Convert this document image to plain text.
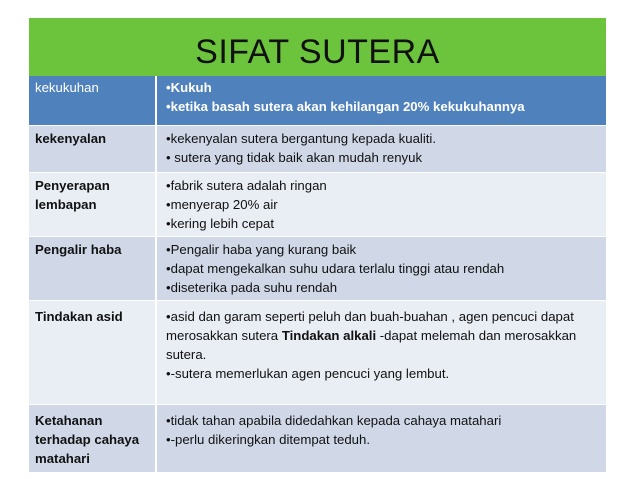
SIFAT SUTERA
kekukuhan	•Kukuh
•ketika basah sutera akan kehilangan 20% kekukuhannya

kekenyalan	•kekenyalan sutera bergantung kepada kualiti.
• sutera yang tidak baik akan mudah renyuk

Penyerapan lembapan	•fabrik sutera adalah ringan
•menyerap 20% air
•kering lebih cepat

Pengalir haba	•Pengalir haba yang kurang baik
•dapat mengekalkan suhu udara terlalu tinggi atau rendah
•diseterika pada suhu rendah

Tindakan asid	•asid dan garam seperti peluh dan buah-buahan , agen pencuci dapat merosakkan sutera Tindakan alkali -dapat melemah dan merosakkan sutera.
•-sutera memerlukan agen pencuci yang lembut.

Ketahanan terhadap cahaya matahari	•tidak tahan apabila didedahkan kepada cahaya matahari
•-perlu dikeringkan ditempat teduh.
